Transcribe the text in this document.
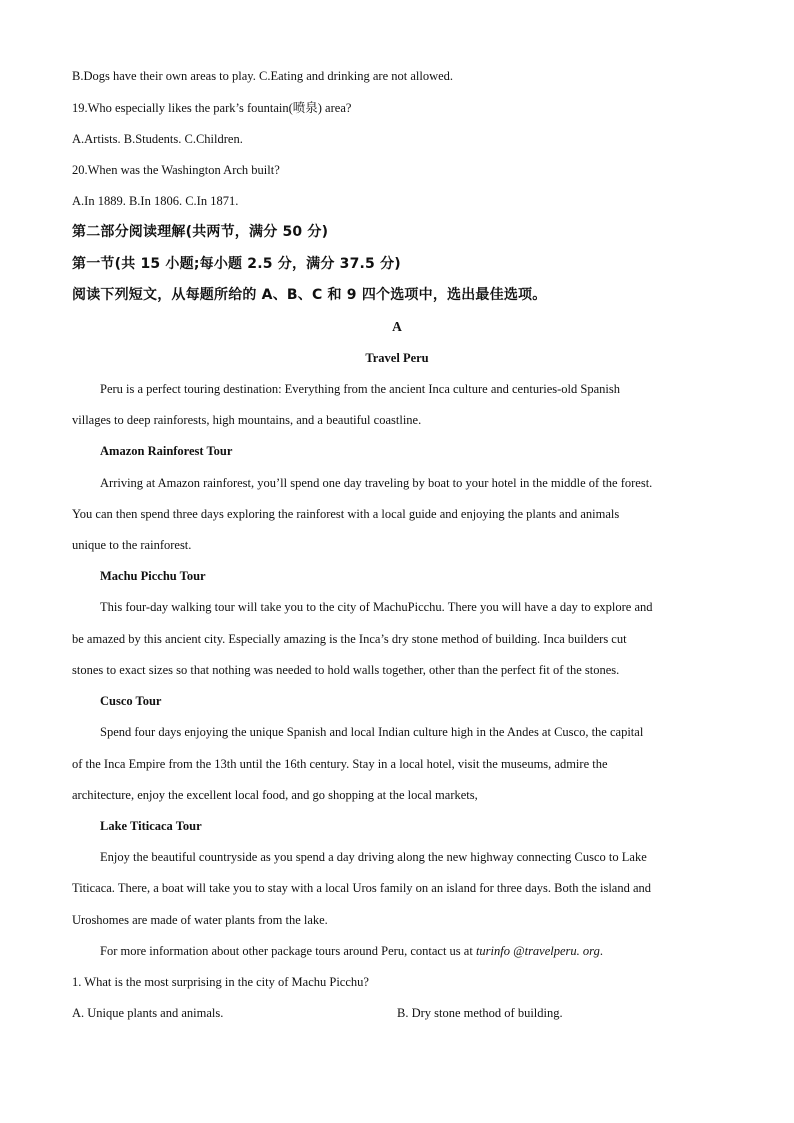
B.Dogs have their own areas to play. C.Eating and drinking are not allowed.
19.Who especially likes the park’s fountain(喷泉) area?
A.Artists. B.Students. C.Children.
20.When was the Washington Arch built?
A.In 1889. B.In 1806. C.In 1871.
第二部分阅读理解(共两节，满分 50 分)
第一节(共 15 小题;每小题 2.5 分，满分 37.5 分)
阅读下列短文，从每题所给的 A、B、C 和 9 四个选项中，选出最佳选项。
A
Travel Peru
Peru is a perfect touring destination: Everything from the ancient Inca culture and centuries-old Spanish
villages to deep rainforests, high mountains, and a beautiful coastline.
Amazon Rainforest Tour
Arriving at Amazon rainforest, you’ll spend one day traveling by boat to your hotel in the middle of the forest.
You can then spend three days exploring the rainforest with a local guide and enjoying the plants and animals
unique to the rainforest.
Machu Picchu Tour
This four-day walking tour will take you to the city of MachuPicchu. There you will have a day to explore and
be amazed by this ancient city. Especially amazing is the Inca’s dry stone method of building. Inca builders cut
stones to exact sizes so that nothing was needed to hold walls together, other than the perfect fit of the stones.
Cusco Tour
Spend four days enjoying the unique Spanish and local Indian culture high in the Andes at Cusco, the capital
of the Inca Empire from the 13th until the 16th century. Stay in a local hotel, visit the museums, admire the
architecture, enjoy the excellent local food, and go shopping at the local markets,
Lake Titicaca Tour
Enjoy the beautiful countryside as you spend a day driving along the new highway connecting Cusco to Lake
Titicaca. There, a boat will take you to stay with a local Uros family on an island for three days. Both the island and
Uroshomes are made of water plants from the lake.
For more information about other package tours around Peru, contact us at turinfo @travelperu. org.
1. What is the most surprising in the city of Machu Picchu?
A. Unique plants and animals.	B. Dry stone method of building.
